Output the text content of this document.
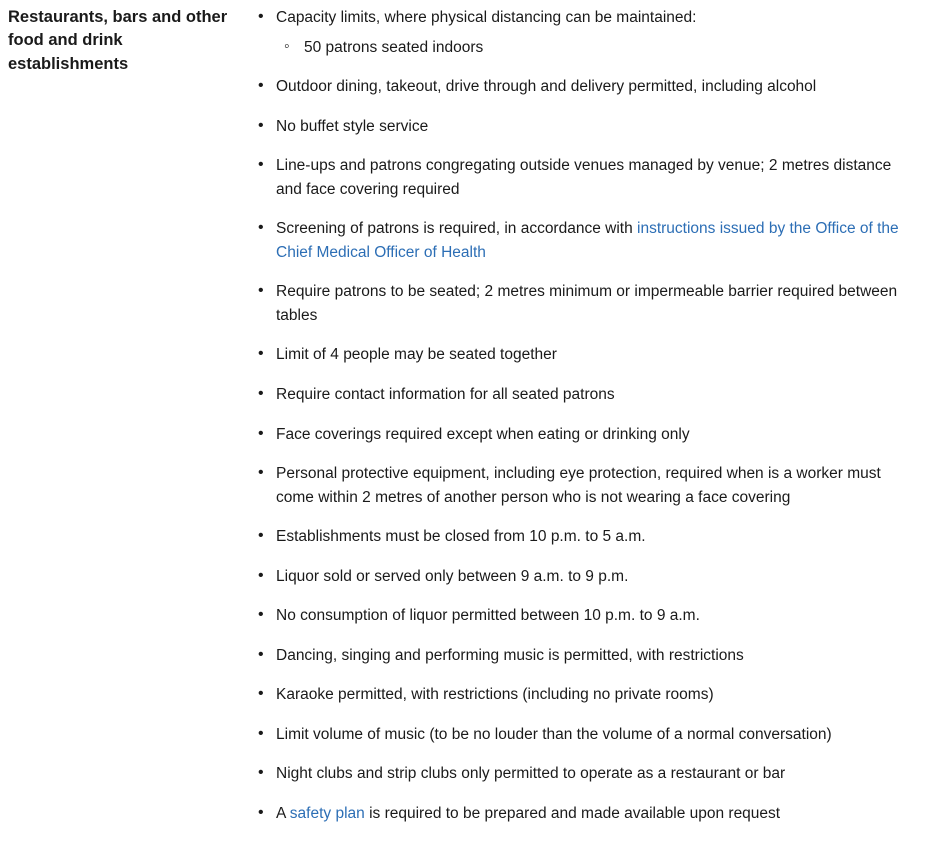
Restaurants, bars and other food and drink establishments

• Capacity limits, where physical distancing can be maintained:
◦ 50 patrons seated indoors
• Outdoor dining, takeout, drive through and delivery permitted, including alcohol
• No buffet style service
• Line-ups and patrons congregating outside venues managed by venue; 2 metres distance and face covering required
• Screening of patrons is required, in accordance with instructions issued by the Office of the Chief Medical Officer of Health
• Require patrons to be seated; 2 metres minimum or impermeable barrier required between tables
• Limit of 4 people may be seated together
• Require contact information for all seated patrons
• Face coverings required except when eating or drinking only
• Personal protective equipment, including eye protection, required when is a worker must come within 2 metres of another person who is not wearing a face covering
• Establishments must be closed from 10 p.m. to 5 a.m.
• Liquor sold or served only between 9 a.m. to 9 p.m.
• No consumption of liquor permitted between 10 p.m. to 9 a.m.
• Dancing, singing and performing music is permitted, with restrictions
• Karaoke permitted, with restrictions (including no private rooms)
• Limit volume of music (to be no louder than the volume of a normal conversation)
• Night clubs and strip clubs only permitted to operate as a restaurant or bar
• A safety plan is required to be prepared and made available upon request
